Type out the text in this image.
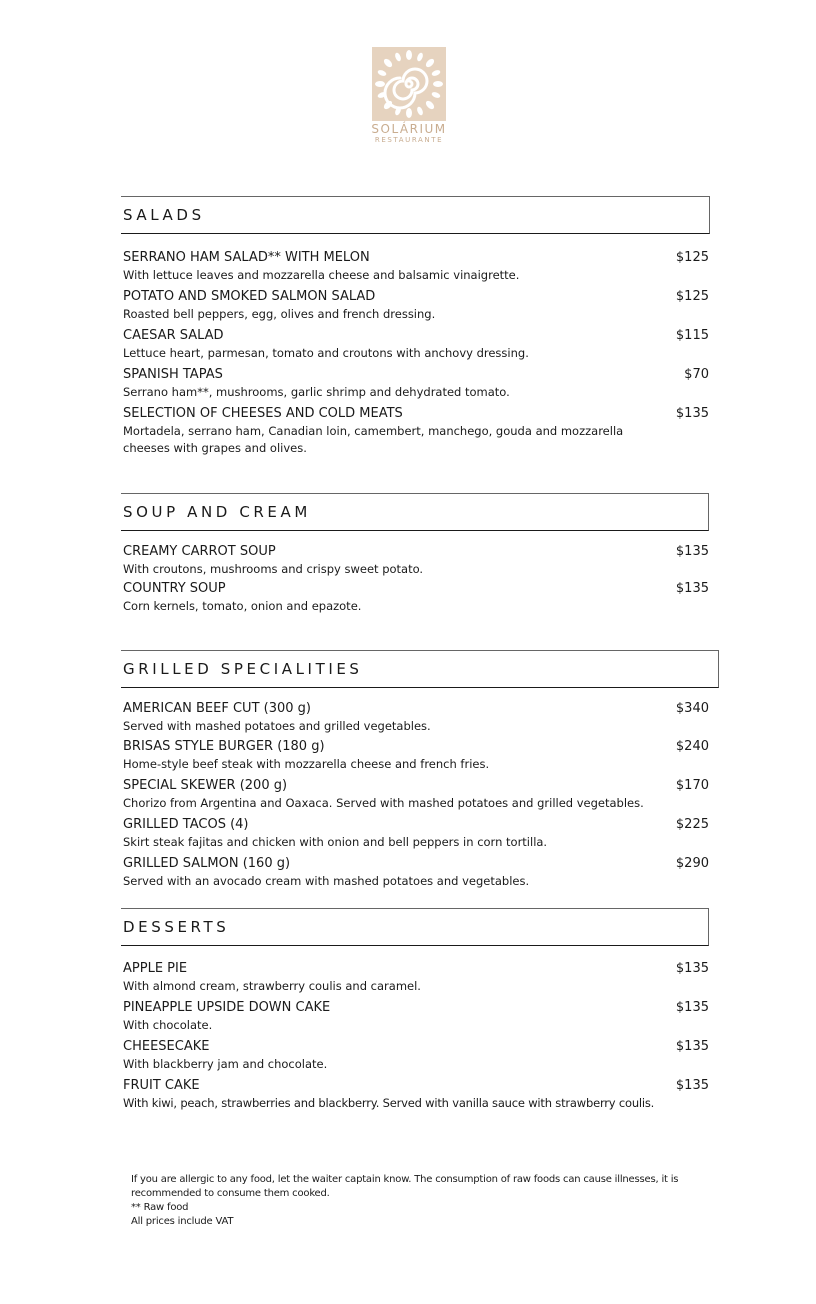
SOLÁRIUM
RESTAURANTE
SALADS
SERRANO HAM SALAD** WITH MELON
With lettuce leaves and mozzarella cheese and balsamic vinaigrette.
$125
POTATO AND SMOKED SALMON SALAD
Roasted bell peppers, egg, olives and french dressing.
$125
CAESAR SALAD
Lettuce heart, parmesan, tomato and croutons with anchovy dressing.
$115
SPANISH TAPAS
Serrano ham**, mushrooms, garlic shrimp and dehydrated tomato.
$70
SELECTION OF CHEESES AND COLD MEATS
Mortadela, serrano ham, Canadian loin, camembert, manchego, gouda and mozzarella cheeses with grapes and olives.
$135
SOUP AND CREAM
CREAMY CARROT SOUP
With croutons, mushrooms and crispy sweet potato.
$135
COUNTRY SOUP
Corn kernels, tomato, onion and epazote.
$135
GRILLED SPECIALITIES
AMERICAN BEEF CUT (300 g)
Served with mashed potatoes and grilled vegetables.
$340
BRISAS STYLE BURGER (180 g)
Home-style beef steak with mozzarella cheese and french fries.
$240
SPECIAL SKEWER (200 g)
Chorizo from Argentina and Oaxaca. Served with mashed potatoes and grilled vegetables.
$170
GRILLED TACOS (4)
Skirt steak fajitas and chicken with onion and bell peppers in corn tortilla.
$225
GRILLED SALMON (160 g)
Served with an avocado cream with mashed potatoes and vegetables.
$290
DESSERTS
APPLE PIE
With almond cream, strawberry coulis and caramel.
$135
PINEAPPLE UPSIDE DOWN CAKE
With chocolate.
$135
CHEESECAKE
With blackberry jam and chocolate.
$135
FRUIT CAKE
With kiwi, peach, strawberries and blackberry. Served with vanilla sauce with strawberry coulis.
$135
If you are allergic to any food, let the waiter captain know. The consumption of raw foods can cause illnesses, it is recommended to consume them cooked.
** Raw food
All prices include VAT
